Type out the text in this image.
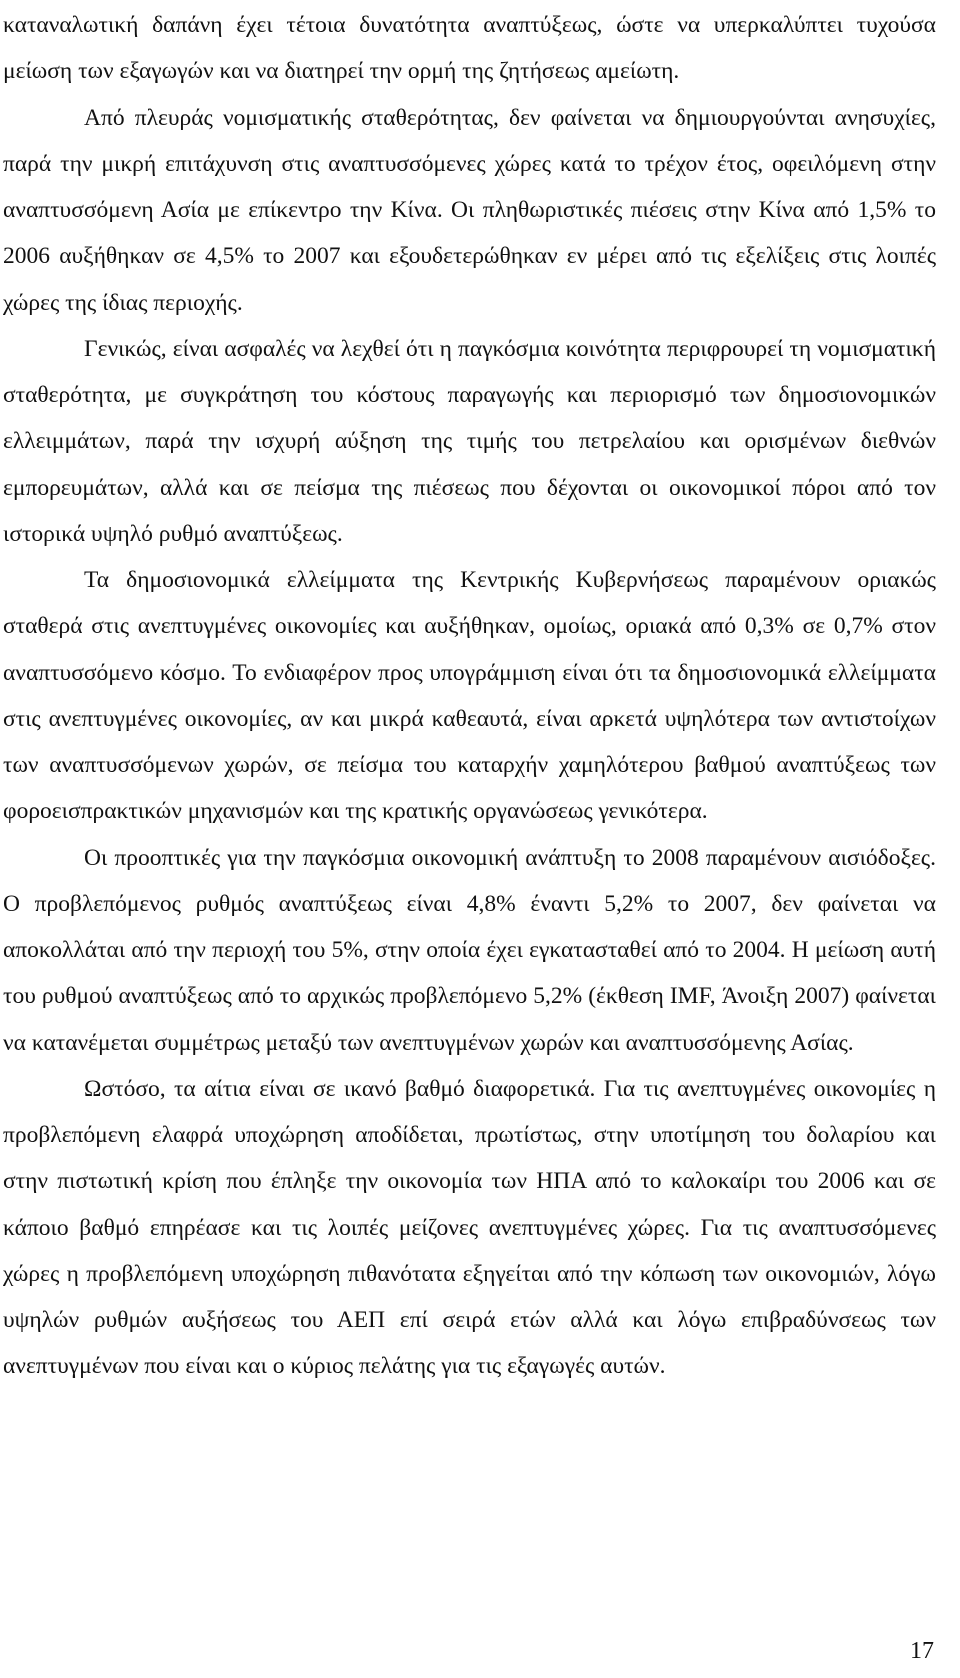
καταναλωτική δαπάνη έχει τέτοια δυνατότητα αναπτύξεως, ώστε να υπερκαλύπτει τυχούσα μείωση των εξαγωγών και να διατηρεί την ορμή της ζητήσεως αμείωτη.

Από πλευράς νομισματικής σταθερότητας, δεν φαίνεται να δημιουργούνται ανησυχίες, παρά την μικρή επιτάχυνση στις αναπτυσσόμενες χώρες κατά το τρέχον έτος, οφειλόμενη στην αναπτυσσόμενη Ασία με επίκεντρο την Κίνα. Οι πληθωριστικές πιέσεις στην Κίνα από 1,5% το 2006 αυξήθηκαν σε 4,5% το 2007 και εξουδετερώθηκαν εν μέρει από τις εξελίξεις στις λοιπές χώρες της ίδιας περιοχής.

Γενικώς, είναι ασφαλές να λεχθεί ότι η παγκόσμια κοινότητα περιφρουρεί τη νομισματική σταθερότητα, με συγκράτηση του κόστους παραγωγής και περιορισμό των δημοσιονομικών ελλειμμάτων, παρά την ισχυρή αύξηση της τιμής του πετρελαίου και ορισμένων διεθνών εμπορευμάτων, αλλά και σε πείσμα της πιέσεως που δέχονται οι οικονομικοί πόροι από τον ιστορικά υψηλό ρυθμό αναπτύξεως.

Τα δημοσιονομικά ελλείμματα της Κεντρικής Κυβερνήσεως παραμένουν οριακώς σταθερά στις ανεπτυγμένες οικονομίες και αυξήθηκαν, ομοίως, οριακά από 0,3% σε 0,7% στον αναπτυσσόμενο κόσμο. Το ενδιαφέρον προς υπογράμμιση είναι ότι τα δημοσιονομικά ελλείμματα στις ανεπτυγμένες οικονομίες, αν και μικρά καθεαυτά, είναι αρκετά υψηλότερα των αντιστοίχων των αναπτυσσόμενων χωρών, σε πείσμα του καταρχήν χαμηλότερου βαθμού αναπτύξεως των φοροεισπρακτικών μηχανισμών και της κρατικής οργανώσεως γενικότερα.

Οι προοπτικές για την παγκόσμια οικονομική ανάπτυξη το 2008 παραμένουν αισιόδοξες. Ο προβλεπόμενος ρυθμός αναπτύξεως είναι 4,8% έναντι 5,2% το 2007, δεν φαίνεται να αποκολλάται από την περιοχή του 5%, στην οποία έχει εγκατασταθεί από το 2004. Η μείωση αυτή του ρυθμού αναπτύξεως από το αρχικώς προβλεπόμενο 5,2% (έκθεση IMF, Άνοιξη 2007) φαίνεται να κατανέμεται συμμέτρως μεταξύ των ανεπτυγμένων χωρών και αναπτυσσόμενης Ασίας.

Ωστόσο, τα αίτια είναι σε ικανό βαθμό διαφορετικά. Για τις ανεπτυγμένες οικονομίες η προβλεπόμενη ελαφρά υποχώρηση αποδίδεται, πρωτίστως, στην υποτίμηση του δολαρίου και στην πιστωτική κρίση που έπληξε την οικονομία των ΗΠΑ από το καλοκαίρι του 2006 και σε κάποιο βαθμό επηρέασε και τις λοιπές μείζονες ανεπτυγμένες χώρες. Για τις αναπτυσσόμενες χώρες η προβλεπόμενη υποχώρηση πιθανότατα εξηγείται από την κόπωση των οικονομιών, λόγω υψηλών ρυθμών αυξήσεως του ΑΕΠ επί σειρά ετών αλλά και λόγω επιβραδύνσεως των ανεπτυγμένων που είναι και ο κύριος πελάτης για τις εξαγωγές αυτών.

17
